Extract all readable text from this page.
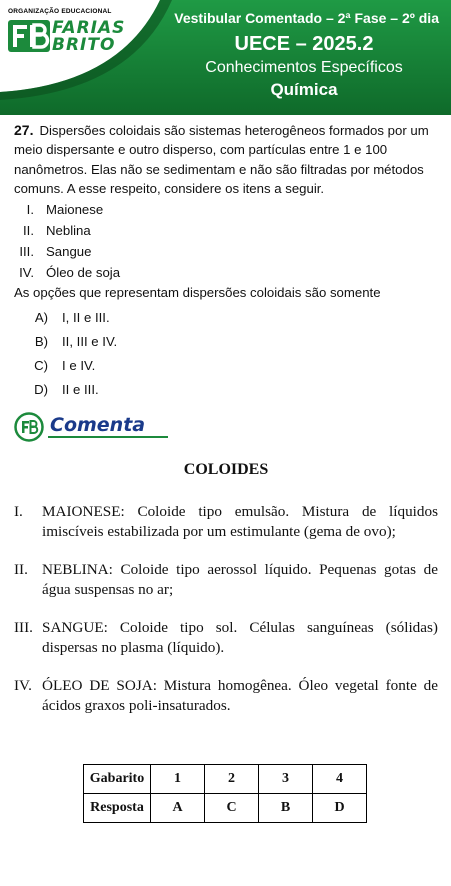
ORGANIZAÇÃO EDUCACIONAL
FARIAS
BRITO
Vestibular Comentado – 2ª Fase – 2º dia
UECE – 2025.2
Conhecimentos Específicos
Química
27. Dispersões coloidais são sistemas heterogêneos formados por um meio dispersante e outro disperso, com partículas entre 1 e 100 nanômetros. Elas não se sedimentam e não são filtradas por métodos comuns. A esse respeito, considere os itens a seguir.
I. Maionese
II. Neblina
III. Sangue
IV. Óleo de soja
As opções que representam dispersões coloidais são somente
A)	I, II e III.
B)	II, III e IV.
C)	I e IV.
D)	II e III.
Comenta
COLOIDES
I.	MAIONESE: Coloide tipo emulsão. Mistura de líquidos imiscíveis estabilizada por um estimulante (gema de ovo);
II. NEBLINA: Coloide tipo aerossol líquido. Pequenas gotas de água suspensas no ar;
III. SANGUE: Coloide tipo sol. Células sanguíneas (sólidas) dispersas no plasma (líquido).
IV. ÓLEO DE SOJA: Mistura homogênea. Óleo vegetal fonte de ácidos graxos poli-insaturados.
Gabarito	1	2	3	4
Resposta	A	C	B	D
